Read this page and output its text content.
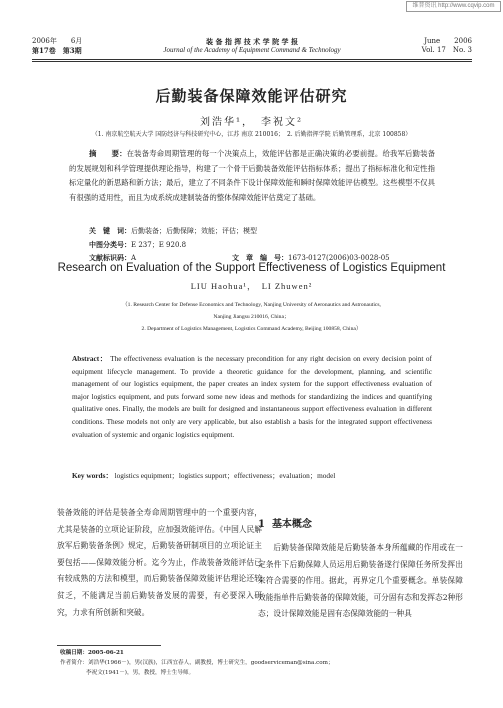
维普资讯 http://www.cqvip.com
2006年　　6月
第17卷　第3期
装 备 指 挥 技 术 学 院 学 报
Journal of the Academy of Equipment Command & Technology
June　　2006
Vol. 17　No. 3
后勤装备保障效能评估研究
刘浩华¹，　李祝文²
（1. 南京航空航天大学 国防经济与科技研究中心，江苏 南京 210016；　2. 后勤指挥学院 后勤管理系，北京 100858）
摘　　要：在装备寿命周期管理的每一个决策点上，效能评估都是正确决策的必要前提。给我军后勤装备的发展规划和科学管理提供理论指导，构建了一个骨干后勤装备效能评估指标体系；提出了指标标准化和定性指标定量化的新思路和新方法；最后，建立了不同条件下设计保障效能和瞬时保障效能评估模型。这些模型不仅具有很强的适用性，而且为成系统成建制装备的整体保障效能评估奠定了基础。
关　键　词：后勤装备；后勤保障；效能；评估；模型
中图分类号：E 237；E 920.8
文献标识码：A	文　章　编　号：1673-0127(2006)03-0028-05
Research on Evaluation of the Support Effectiveness of Logistics Equipment
LIU Haohua¹，　LI Zhuwen²
（1. Research Center for Defense Economics and Technology, Nanjing University of Aeronautics and Astronautics,
Nanjing Jiangsu 210016, China；
2. Department of Logistics Management, Logistics Command Academy, Beijing 100858, China）
Abstract： The effectiveness evaluation is the necessary precondition for any right decision on every decision point of equipment lifecycle management. To provide a theoretic guidance for the development, planning, and scientific management of our logistics equipment, the paper creates an index system for the support effectiveness evaluation of major logistics equipment, and puts forward some new ideas and methods for standardizing the indices and quantifying qualitative ones. Finally, the models are built for designed and instantaneous support effectiveness evaluation in different conditions. These models not only are very applicable, but also establish a basis for the integrated support effectiveness evaluation of systemic and organic logistics equipment.
Key words： logistics equipment；logistics support；effectiveness；evaluation；model
装备效能的评估是装备全寿命周期管理中的一个重要内容，尤其是装备的立项论证阶段，应加强效能评估。《中国人民解放军后勤装备条例》规定，后勤装备研制项目的立项论证主要包括——保障效能分析。迄今为止，作战装备效能评估已有较成熟的方法和模型，而后勤装备保障效能评估理论还较贫乏，不能满足当前后勤装备发展的需要，有必要深入研究，力求有所创新和突破。
1 基本概念
后勤装备保障效能是后勤装备本身所蕴藏的作用或在一定条件下后勤保障人员运用后勤装备遂行保障任务所发挥出来符合需要的作用。据此，再界定几个重要概念。单装保障效能指单件后勤装备的保障效能，可分固有态和发挥态2种形态；设计保障效能是固有态保障效能的一种具
收稿日期：2005-06-21
作者简介：刘浩华(1966－)，男(汉族)，江西宜春人，副教授，博士研究生，goodserviceman@sina.com；
李祝文(1941－)，男，教授，博士生导师。
